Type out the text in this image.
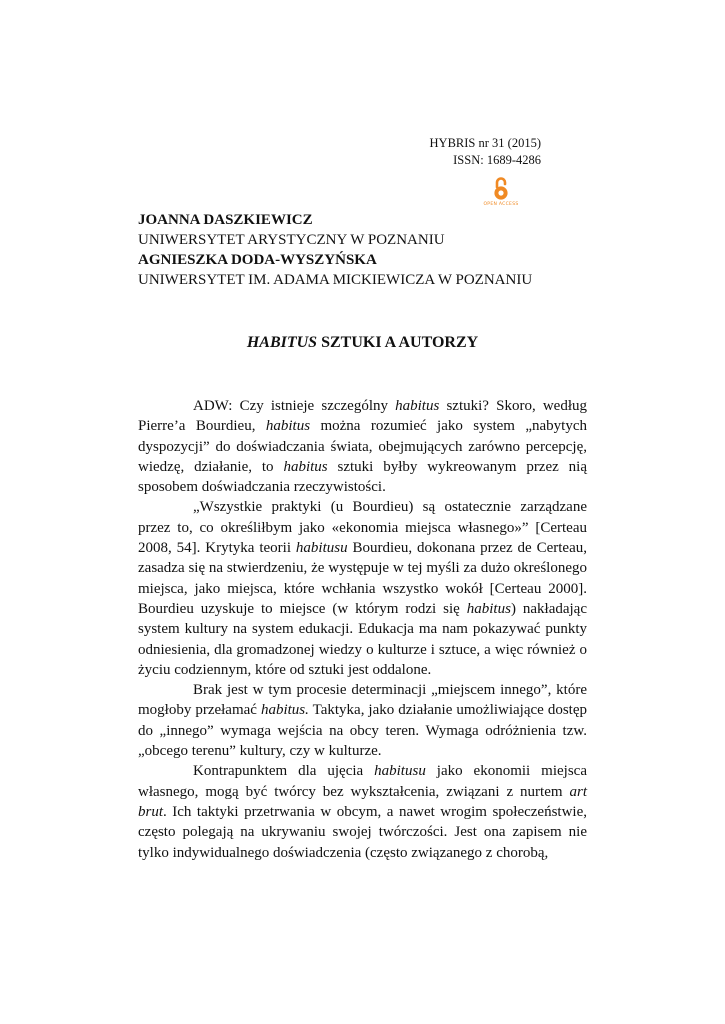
HYBRIS nr 31 (2015)
ISSN: 1689-4286
OPEN ACCESS
JOANNA DASZKIEWICZ
UNIWERSYTET ARYSTYCZNY W POZNANIU
AGNIESZKA DODA-WYSZYŃSKA
UNIWERSYTET IM. ADAMA MICKIEWICZA W POZNANIU
HABITUS SZTUKI A AUTORZY

ADW: Czy istnieje szczególny habitus sztuki? Skoro, według Pierre’a Bourdieu, habitus można rozumieć jako system „nabytych dyspozycji” do doświadczania świata, obejmujących zarówno percepcję, wiedzę, działanie, to habitus sztuki byłby wykreowanym przez nią sposobem doświadczania rzeczywistości.

„Wszystkie praktyki (u Bourdieu) są ostatecznie zarządzane przez to, co określiłbym jako «ekonomia miejsca własnego»” [Certeau 2008, 54]. Krytyka teorii habitusu Bourdieu, dokonana przez de Certeau, zasadza się na stwierdzeniu, że występuje w tej myśli za dużo określonego miejsca, jako miejsca, które wchłania wszystko wokół [Certeau 2000]. Bourdieu uzyskuje to miejsce (w którym rodzi się habitus) nakładając system kultury na system edukacji. Edukacja ma nam pokazywać punkty odniesienia, dla gromadzonej wiedzy o kulturze i sztuce, a więc również o życiu codziennym, które od sztuki jest oddalone.

Brak jest w tym procesie determinacji „miejscem innego”, które mogłoby przełamać habitus. Taktyka, jako działanie umożliwiające dostęp do „innego” wymaga wejścia na obcy teren. Wymaga odróżnienia tzw. „obcego terenu” kultury, czy w kulturze.

Kontrapunktem dla ujęcia habitusu jako ekonomii miejsca własnego, mogą być twórcy bez wykształcenia, związani z nurtem art brut. Ich taktyki przetrwania w obcym, a nawet wrogim społeczeństwie, często polegają na ukrywaniu swojej twórczości. Jest ona zapisem nie tylko indywidualnego doświadczenia (często związanego z chorobą,
